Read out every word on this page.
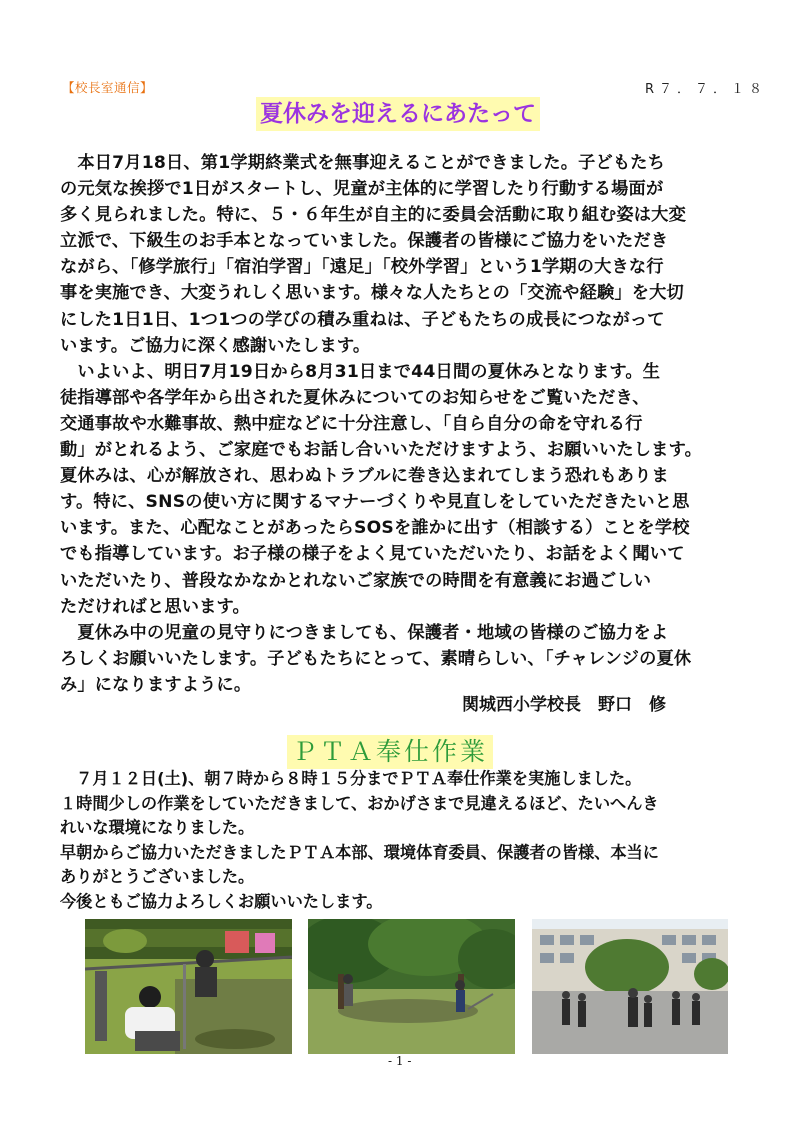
【校長室通信】	R７．７．１８
夏休みを迎えるにあたって
　本日7月18日、第1学期終業式を無事迎えることができました。子どもたち
の元気な挨拶で1日がスタートし、児童が主体的に学習したり行動する場面が
多く見られました。特に、５・６年生が自主的に委員会活動に取り組む姿は大変
立派で、下級生のお手本となっていました。保護者の皆様にご協力をいただき
ながら、「修学旅行」「宿泊学習」「遠足」「校外学習」という1学期の大きな行
事を実施でき、大変うれしく思います。様々な人たちとの「交流や経験」を大切
にした1日1日、1つ1つの学びの積み重ねは、子どもたちの成長につながって
います。ご協力に深く感謝いたします。
　いよいよ、明日7月19日から8月31日まで44日間の夏休みとなります。生
徒指導部や各学年から出された夏休みについてのお知らせをご覧いただき、
交通事故や水難事故、熱中症などに十分注意し、「自ら自分の命を守れる行
動」がとれるよう、ご家庭でもお話し合いいただけますよう、お願いいたします。
夏休みは、心が解放され、思わぬトラブルに巻き込まれてしまう恐れもありま
す。特に、SNSの使い方に関するマナーづくりや見直しをしていただきたいと思
います。また、心配なことがあったらSOSを誰かに出す（相談する）ことを学校
でも指導しています。お子様の様子をよく見ていただいたり、お話をよく聞いて
いただいたり、普段なかなかとれないご家族での時間を有意義にお過ごしい
ただければと思います。
　夏休み中の児童の見守りにつきましても、保護者・地域の皆様のご協力をよ
ろしくお願いいたします。子どもたちにとって、素晴らしい、「チャレンジの夏休
み」になりますように。
関城西小学校長　野口　修
ＰＴＡ奉仕作業
　７月１２日(土)、朝７時から８時１５分までＰＴＡ奉仕作業を実施しました。
１時間少しの作業をしていただきまして、おかげさまで見違えるほど、たいへんき
れいな環境になりました。
早朝からご協力いただきましたＰＴＡ本部、環境体育委員、保護者の皆様、本当に
ありがとうございました。
今後ともご協力よろしくお願いいたします。
- 1 -
